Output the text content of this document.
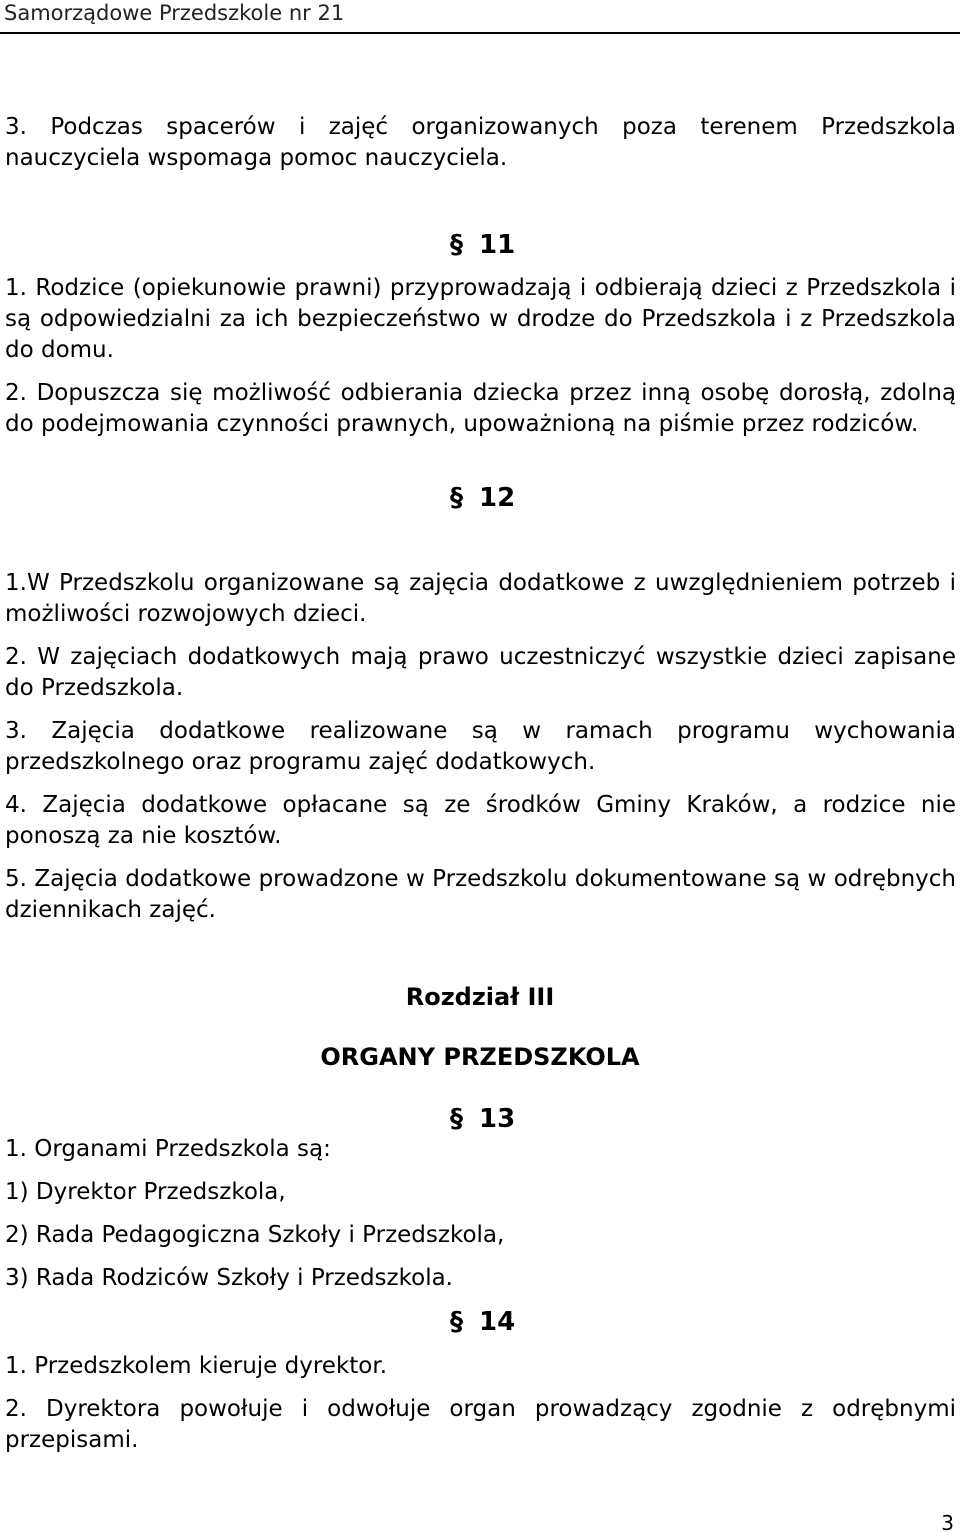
Samorządowe Przedszkole nr 21
3. Podczas spacerów i zajęć organizowanych poza terenem Przedszkola nauczyciela wspomaga pomoc nauczyciela.
§ 11
1. Rodzice (opiekunowie prawni) przyprowadzają i odbierają dzieci z Przedszkola i są odpowiedzialni za ich bezpieczeństwo w drodze do Przedszkola i z Przedszkola do domu.
2. Dopuszcza się możliwość odbierania dziecka przez inną osobę dorosłą, zdolną do podejmowania czynności prawnych, upoważnioną na piśmie przez rodziców.
§ 12
1.W Przedszkolu organizowane są zajęcia dodatkowe z uwzględnieniem potrzeb i możliwości rozwojowych dzieci.
2. W zajęciach dodatkowych mają prawo uczestniczyć wszystkie dzieci zapisane do Przedszkola.
3. Zajęcia dodatkowe realizowane są w ramach programu wychowania przedszkolnego oraz programu zajęć dodatkowych.
4. Zajęcia dodatkowe opłacane są ze środków Gminy Kraków, a rodzice nie ponoszą za nie kosztów.
5. Zajęcia dodatkowe prowadzone w Przedszkolu dokumentowane są w odrębnych dziennikach zajęć.
Rozdział III
ORGANY PRZEDSZKOLA
§ 13
1. Organami Przedszkola są:
1) Dyrektor Przedszkola,
2) Rada Pedagogiczna Szkoły i Przedszkola,
3) Rada Rodziców Szkoły i Przedszkola.
§ 14
1. Przedszkolem kieruje dyrektor.
2. Dyrektora powołuje i odwołuje organ prowadzący zgodnie z odrębnymi przepisami.
3
